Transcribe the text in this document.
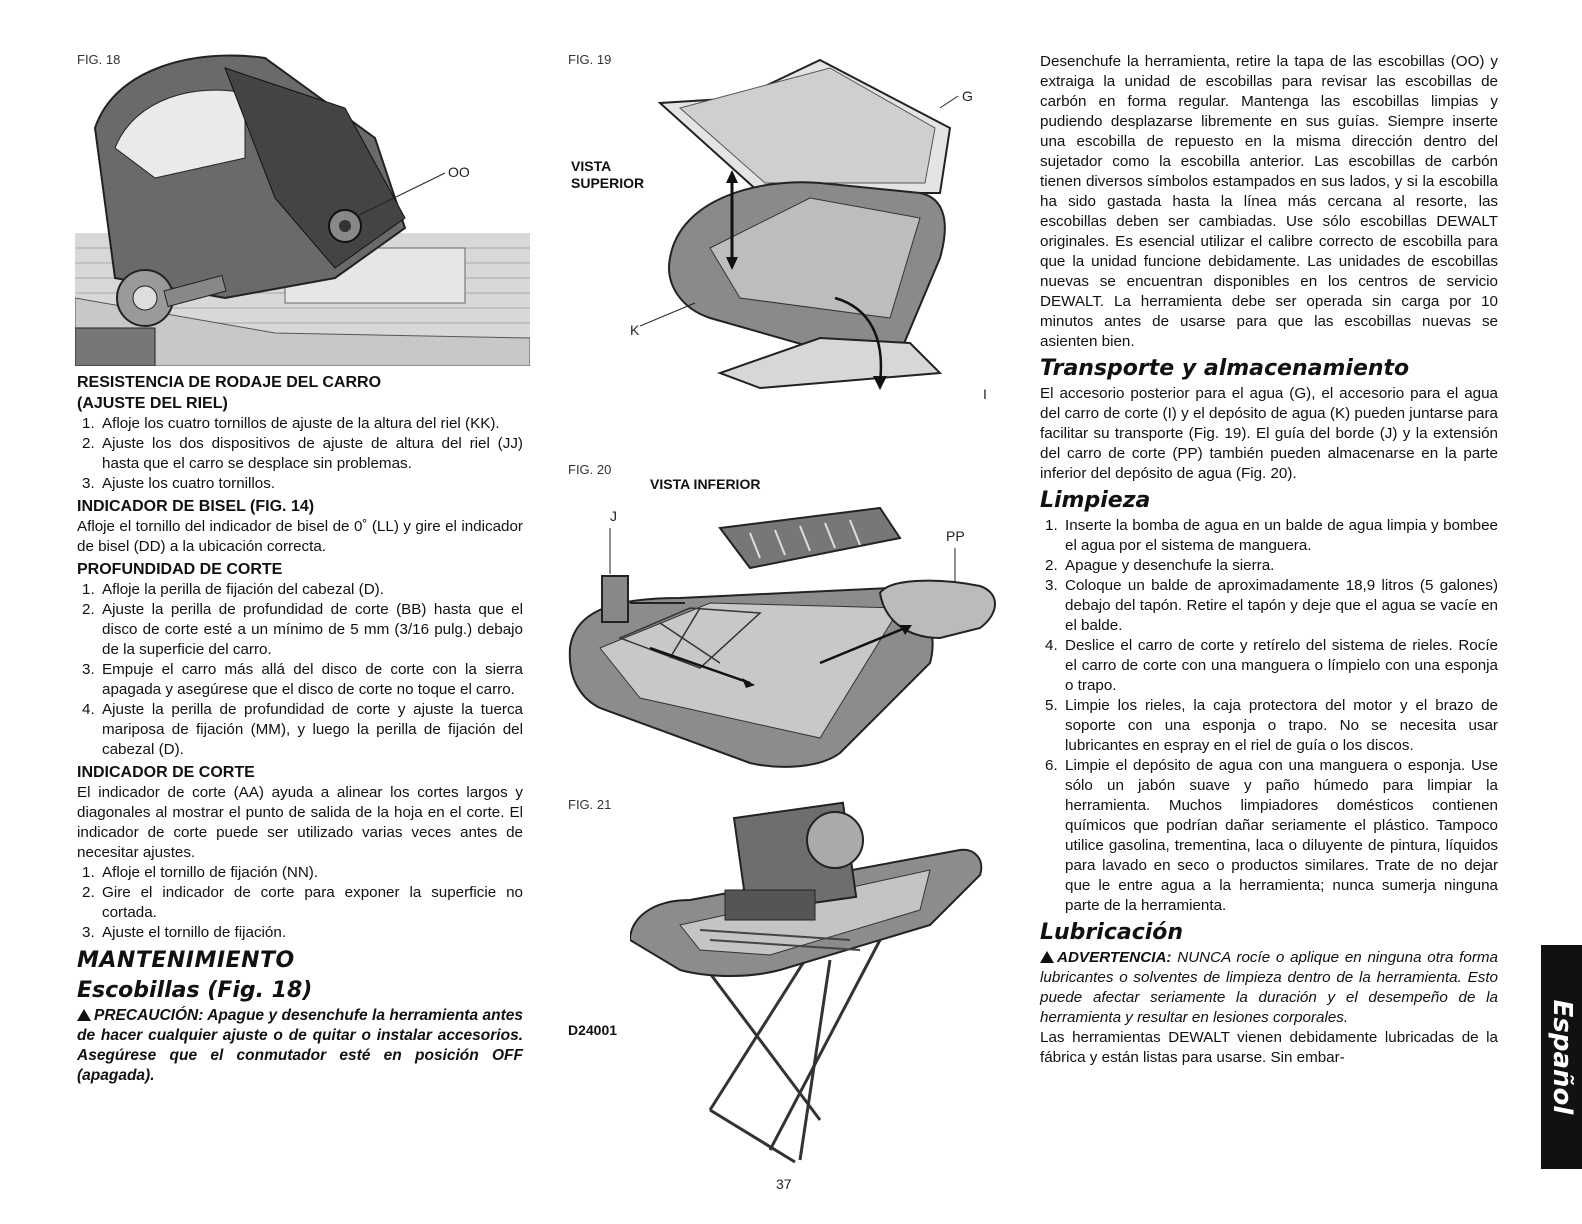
FIG. 18
OO
FIG. 19
VISTA
SUPERIOR
G
K
I
FIG. 20
VISTA INFERIOR
J
PP
FIG. 21
D24001

RESISTENCIA DE RODAJE DEL CARRO

(AJUSTE DEL RIEL)

1. Afloje los cuatro tornillos de ajuste de la altura del riel (KK).
2. Ajuste los dos dispositivos de ajuste de altura del riel (JJ) hasta que el carro se desplace sin problemas.
3. Ajuste los cuatro tornillos.

INDICADOR DE BISEL (FIG. 14)

Afloje el tornillo del indicador de bisel de 0˚ (LL) y gire el indicador de bisel (DD) a la ubicación correcta.

PROFUNDIDAD DE CORTE

1. Afloje la perilla de fijación del cabezal (D).
2. Ajuste la perilla de profundidad de corte (BB) hasta que el disco de corte esté a un mínimo de 5 mm (3/16 pulg.) debajo de la superficie del carro.
3. Empuje el carro más allá del disco de corte con la sierra apagada y asegúrese que el disco de corte no toque el carro.
4. Ajuste la perilla de profundidad de corte y ajuste la tuerca mariposa de fijación (MM), y luego la perilla de fijación del cabezal (D).

INDICADOR DE CORTE

El indicador de corte (AA) ayuda a alinear los cortes largos y diagonales al mostrar el punto de salida de la hoja en el corte. El indicador de corte puede ser utilizado varias veces antes de necesitar ajustes.

1. Afloje el tornillo de fijación (NN).
2. Gire el indicador de corte para exponer la superficie no cortada.
3. Ajuste el tornillo de fijación.
MANTENIMIENTO
Escobillas (Fig. 18)

PRECAUCIÓN: Apague y desenchufe la herramienta antes de hacer cualquier ajuste o de quitar o instalar accesorios. Asegúrese que el conmutador esté en posición OFF (apagada).

Desenchufe la herramienta, retire la tapa de las escobillas (OO) y extraiga la unidad de escobillas para revisar las escobillas de carbón en forma regular. Mantenga las escobillas limpias y pudiendo desplazarse libremente en sus guías. Siempre inserte una escobilla de repuesto en la misma dirección dentro del sujetador como la escobilla anterior. Las escobillas de carbón tienen diversos símbolos estampados en sus lados, y si la escobilla ha sido gastada hasta la línea más cercana al resorte, las escobillas deben ser cambiadas. Use sólo escobillas DEWALT originales. Es esencial utilizar el calibre correcto de escobilla para que la unidad funcione debidamente. Las unidades de escobillas nuevas se encuentran disponibles en los centros de servicio DEWALT. La herramienta debe ser operada sin carga por 10 minutos antes de usarse para que las escobillas nuevas se asienten bien.

Transporte y almacenamiento

El accesorio posterior para el agua (G), el accesorio para el agua del carro de corte (I) y el depósito de agua (K) pueden juntarse para facilitar su transporte (Fig. 19). El guía del borde (J) y la extensión del carro de corte (PP) también pueden almacenarse en la parte inferior del depósito de agua (Fig. 20).

Limpieza
1. Inserte la bomba de agua en un balde de agua limpia y bombee el agua por el sistema de manguera.
2. Apague y desenchufe la sierra.
3. Coloque un balde de aproximadamente 18,9 litros (5 galones) debajo del tapón. Retire el tapón y deje que el agua se vacíe en el balde.
4. Deslice el carro de corte y retírelo del sistema de rieles. Rocíe el carro de corte con una manguera o límpielo con una esponja o trapo.
5. Limpie los rieles, la caja protectora del motor y el brazo de soporte con una esponja o trapo. No se necesita usar lubricantes en espray en el riel de guía o los discos.
6. Limpie el depósito de agua con una manguera o esponja. Use sólo un jabón suave y paño húmedo para limpiar la herramienta. Muchos limpiadores domésticos contienen químicos que podrían dañar seriamente el plástico. Tampoco utilice gasolina, trementina, laca o diluyente de pintura, líquidos para lavado en seco o productos similares. Trate de no dejar que le entre agua a la herramienta; nunca sumerja ninguna parte de la herramienta.
Lubricación

ADVERTENCIA: NUNCA rocíe o aplique en ninguna otra forma lubricantes o solventes de limpieza dentro de la herramienta. Esto puede afectar seriamente la duración y el desempeño de la herramienta y resultar en lesiones corporales.

Las herramientas DEWALT vienen debidamente lubricadas de la fábrica y están listas para usarse. Sin embar-	Español
37
